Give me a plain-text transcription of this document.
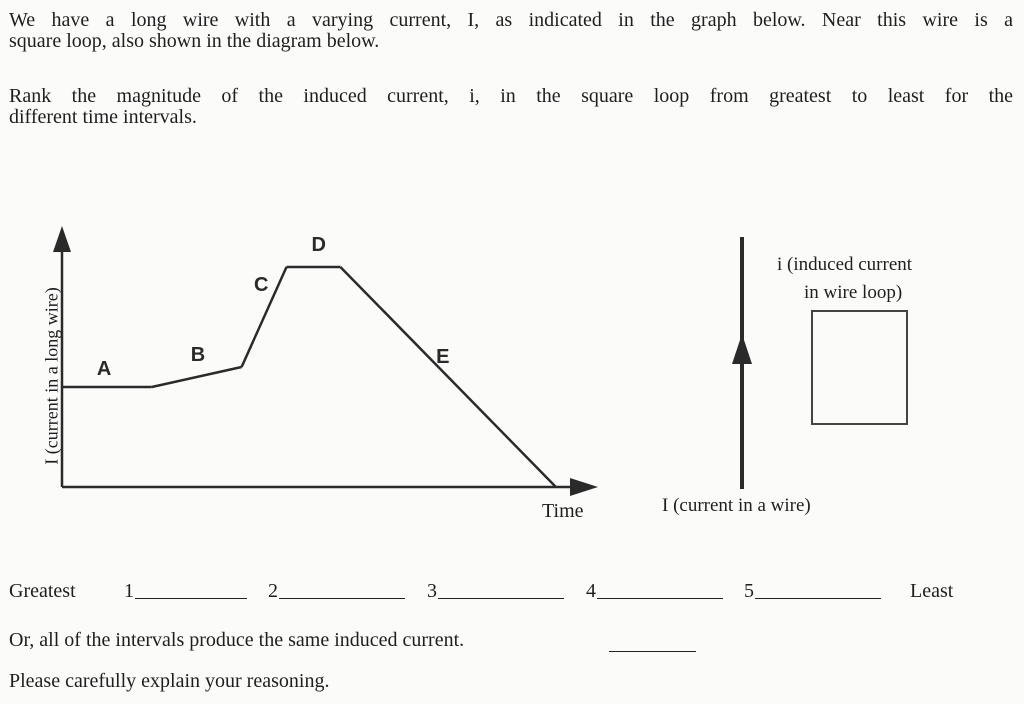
We have a long wire with a varying current, I, as indicated in the graph below. Near this wire is a
square loop, also shown in the diagram below.
Rank the magnitude of the induced current, i, in the square loop from greatest to least for the
different time intervals.
A
B
C
D
E
I (current in a long wire)
Time
i (induced current
in wire loop)
I (current in a wire)
Greatest 1	2	3	4	5	Least
Or, all of the intervals produce the same induced current.
Please carefully explain your reasoning.
